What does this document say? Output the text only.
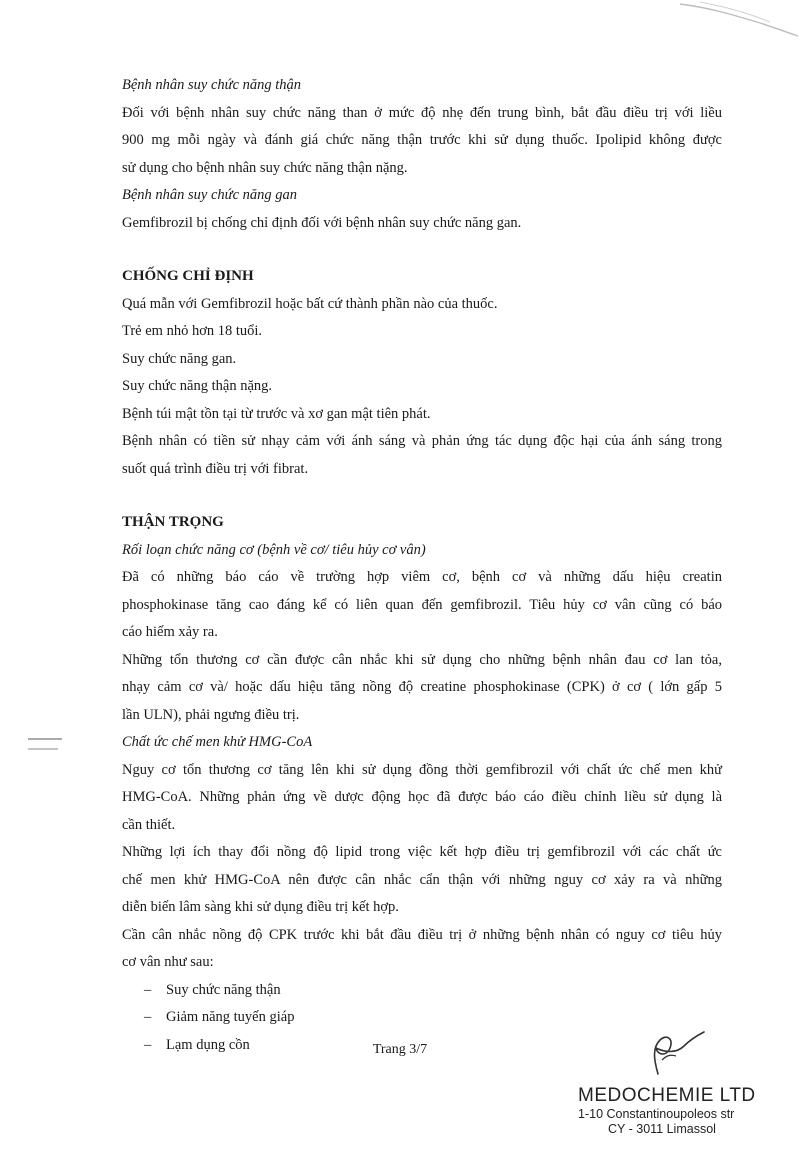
Bệnh nhân suy chức năng thận
Đối với bệnh nhân suy chức năng than ở mức độ nhẹ đến trung bình, bắt đầu điều trị với liều
900 mg mỗi ngày và đánh giá chức năng thận trước khi sử dụng thuốc. Ipolipid không được
sử dụng cho bệnh nhân suy chức năng thận nặng.
Bệnh nhân suy chức năng gan
Gemfibrozil bị chống chỉ định đối với bệnh nhân suy chức năng gan.
CHỐNG CHỈ ĐỊNH
Quá mẫn với Gemfibrozil hoặc bất cứ thành phần nào của thuốc.
Trẻ em nhỏ hơn 18 tuổi.
Suy chức năng gan.
Suy chức năng thận nặng.
Bệnh túi mật tồn tại từ trước và xơ gan mật tiên phát.
Bệnh nhân có tiền sử nhạy cảm với ánh sáng và phản ứng tác dụng độc hại của ánh sáng trong
suốt quá trình điều trị với fibrat.
THẬN TRỌNG
Rối loạn chức năng cơ (bệnh về cơ/ tiêu hủy cơ vân)
Đã có những báo cáo về trường hợp viêm cơ, bệnh cơ và những dấu hiệu creatin
phosphokinase tăng cao đáng kể có liên quan đến gemfibrozil. Tiêu hủy cơ vân cũng có báo
cáo hiếm xảy ra.
Những tổn thương cơ cần được cân nhắc khi sử dụng cho những bệnh nhân đau cơ lan tỏa,
nhạy cảm cơ và/ hoặc dấu hiệu tăng nồng độ creatine phosphokinase (CPK) ở cơ ( lớn gấp 5
lần ULN), phải ngưng điều trị.
Chất ức chế men khử HMG-CoA
Nguy cơ tổn thương cơ tăng lên khi sử dụng đồng thời gemfibrozil với chất ức chế men khử
HMG-CoA. Những phản ứng về dược động học đã được báo cáo điều chỉnh liều sử dụng là
cần thiết.
Những lợi ích thay đổi nồng độ lipid trong việc kết hợp điều trị gemfibrozil với các chất ức
chế men khử HMG-CoA nên được cân nhắc cẩn thận với những nguy cơ xảy ra và những
diễn biến lâm sàng khi sử dụng điều trị kết hợp.
Cần cân nhắc nồng độ CPK trước khi bắt đầu điều trị ở những bệnh nhân có nguy cơ tiêu hủy
cơ vân như sau:
– Suy chức năng thận
– Giảm năng tuyến giáp
– Lạm dụng cồn	Trang 3/7
MEDOCHEMIE LTD
1-10 Constantinoupoleos str
CY - 3011 Limassol
